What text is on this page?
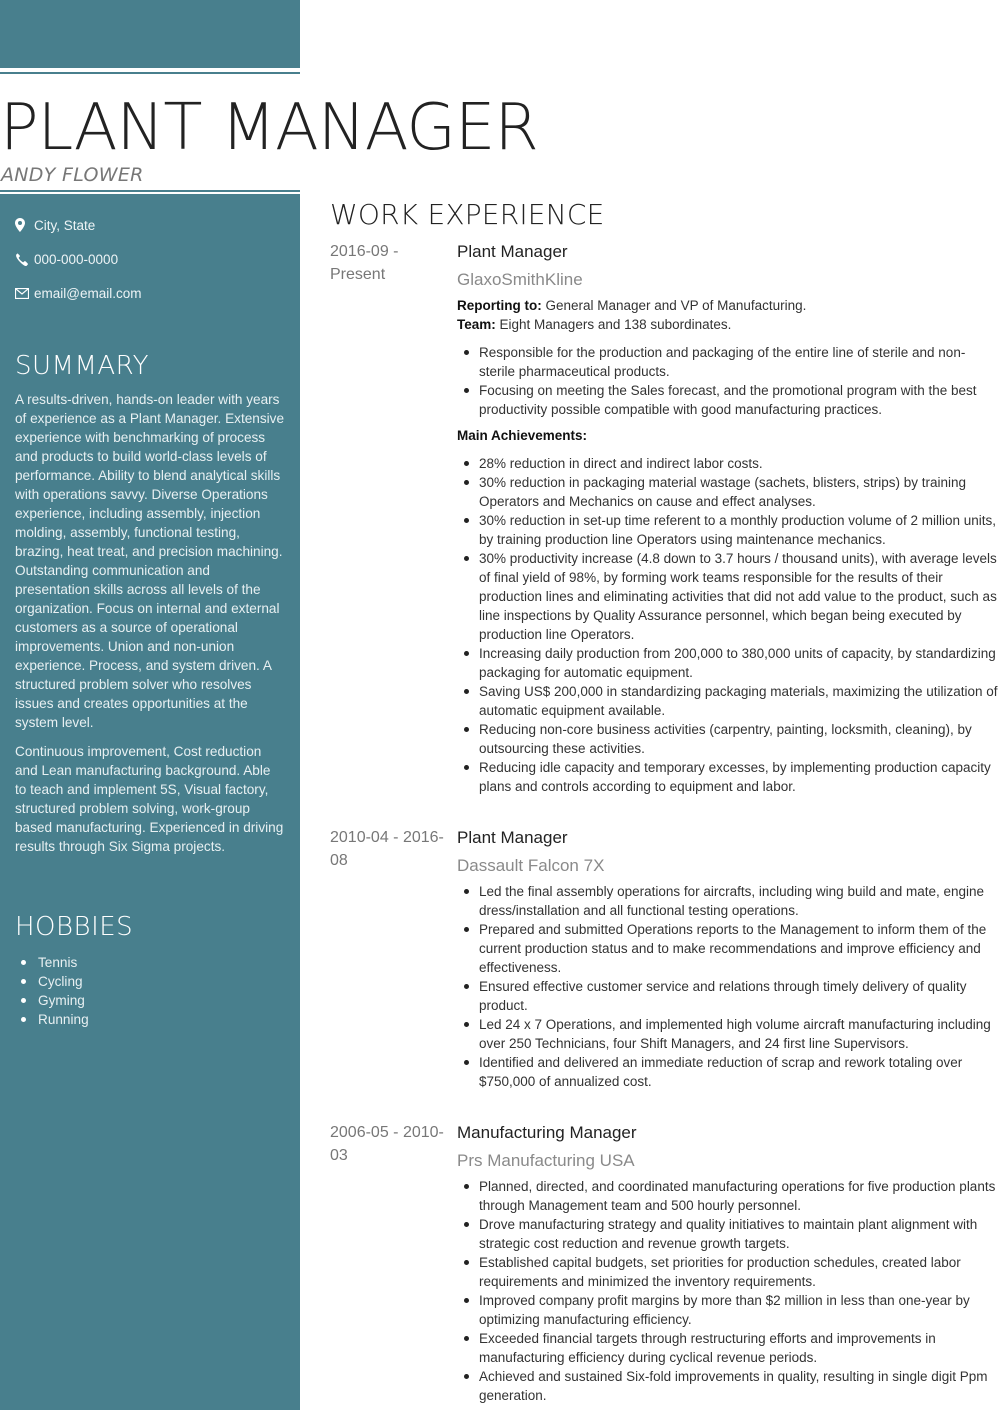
PLANT MANAGER
ANDY FLOWER
City, State
000-000-0000
email@email.com
SUMMARY

A results-driven, hands-on leader with years of experience as a Plant Manager. Extensive experience with benchmarking of process and products to build world-class levels of performance. Ability to blend analytical skills with operations savvy. Diverse Operations experience, including assembly, injection molding, assembly, functional testing, brazing, heat treat, and precision machining. Outstanding communication and presentation skills across all levels of the organization. Focus on internal and external customers as a source of operational improvements. Union and non-union experience. Process, and system driven. A structured problem solver who resolves issues and creates opportunities at the system level.

Continuous improvement, Cost reduction and Lean manufacturing background. Able to teach and implement 5S, Visual factory, structured problem solving, work-group based manufacturing. Experienced in driving results through Six Sigma projects.

HOBBIES
Tennis
Cycling
Gyming
Running
WORK EXPERIENCE
2016-09 - Present
Plant Manager
GlaxoSmithKline
Reporting to: General Manager and VP of Manufacturing.
Team: Eight Managers and 138 subordinates.
Responsible for the production and packaging of the entire line of sterile and non-sterile pharmaceutical products.
Focusing on meeting the Sales forecast, and the promotional program with the best productivity possible compatible with good manufacturing practices.
Main Achievements:
28% reduction in direct and indirect labor costs.
30% reduction in packaging material wastage (sachets, blisters, strips) by training Operators and Mechanics on cause and effect analyses.
30% reduction in set-up time referent to a monthly production volume of 2 million units, by training production line Operators using maintenance mechanics.
30% productivity increase (4.8 down to 3.7 hours / thousand units), with average levels of final yield of 98%, by forming work teams responsible for the results of their production lines and eliminating activities that did not add value to the product, such as line inspections by Quality Assurance personnel, which began being executed by production line Operators.
Increasing daily production from 200,000 to 380,000 units of capacity, by standardizing packaging for automatic equipment.
Saving US$ 200,000 in standardizing packaging materials, maximizing the utilization of automatic equipment available.
Reducing non-core business activities (carpentry, painting, locksmith, cleaning), by outsourcing these activities.
Reducing idle capacity and temporary excesses, by implementing production capacity plans and controls according to equipment and labor.
2010-04 - 2016-08
Plant Manager
Dassault Falcon 7X
Led the final assembly operations for aircrafts, including wing build and mate, engine dress/installation and all functional testing operations.
Prepared and submitted Operations reports to the Management to inform them of the current production status and to make recommendations and improve efficiency and effectiveness.
Ensured effective customer service and relations through timely delivery of quality product.
Led 24 x 7 Operations, and implemented high volume aircraft manufacturing including over 250 Technicians, four Shift Managers, and 24 first line Supervisors.
Identified and delivered an immediate reduction of scrap and rework totaling over $750,000 of annualized cost.
2006-05 - 2010-03
Manufacturing Manager
Prs Manufacturing USA
Planned, directed, and coordinated manufacturing operations for five production plants through Management team and 500 hourly personnel.
Drove manufacturing strategy and quality initiatives to maintain plant alignment with strategic cost reduction and revenue growth targets.
Established capital budgets, set priorities for production schedules, created labor requirements and minimized the inventory requirements.
Improved company profit margins by more than $2 million in less than one-year by optimizing manufacturing efficiency.
Exceeded financial targets through restructuring efforts and improvements in manufacturing efficiency during cyclical revenue periods.
Achieved and sustained Six-fold improvements in quality, resulting in single digit Ppm generation.
